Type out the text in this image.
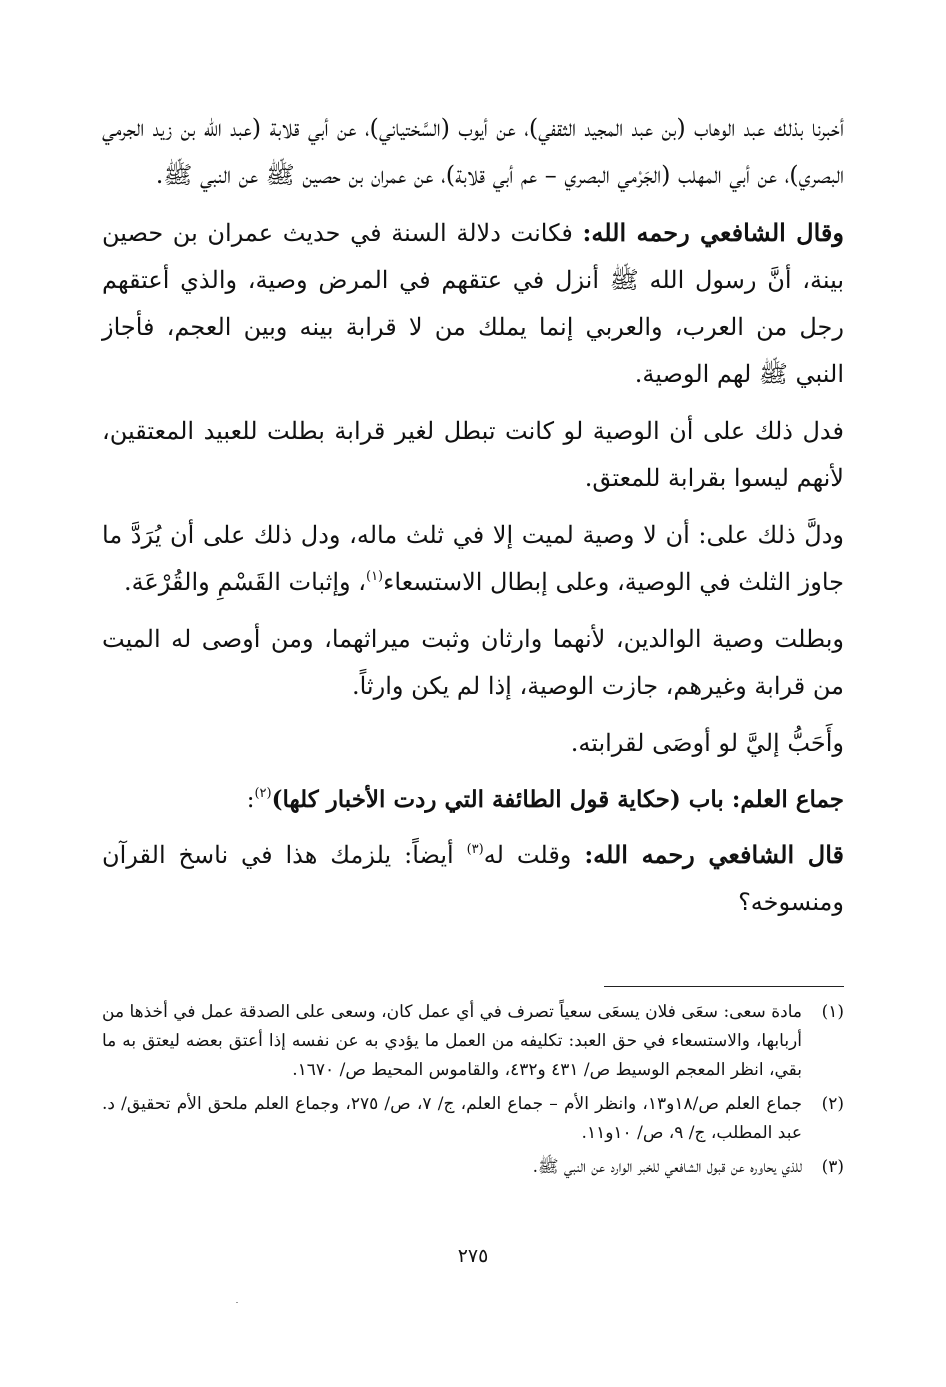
أخبرنا بذلك عبد الوهاب (بن عبد المجيد الثقفي)، عن أيوب (السَّختياني)، عن أبي قلابة (عبد الله بن زيد الجرمي البصري)، عن أبي المهلب (الجَرْمي البصري – عم أبي قلابة)، عن عمران بن حصين ﷺ عن النبي ﷺ.

وقال الشافعي رحمه الله: فكانت دلالة السنة في حديث عمران بن حصين بينة، أنَّ رسول الله ﷺ أنزل في عتقهم في المرض وصية، والذي أعتقهم رجل من العرب، والعربي إنما يملك من لا قرابة بينه وبين العجم، فأجاز النبي ﷺ لهم الوصية.

فدل ذلك على أن الوصية لو كانت تبطل لغير قرابة بطلت للعبيد المعتقين، لأنهم ليسوا بقرابة للمعتق.

ودلَّ ذلك على: أن لا وصية لميت إلا في ثلث ماله، ودل ذلك على أن يُرَدَّ ما جاوز الثلث في الوصية، وعلى إبطال الاستسعاء$^{(١)}$، وإثبات القَسْمِ والقُرْعَة.

وبطلت وصية الوالدين، لأنهما وارثان وثبت ميراثهما، ومن أوصى له الميت من قرابة وغيرهم، جازت الوصية، إذا لم يكن وارثاً.

وأَحَبُّ إليَّ لو أوصَى لقرابته.

جماع العلم: باب (حكاية قول الطائفة التي ردت الأخبار كلها)$^{(٢)}$:

قال الشافعي رحمه الله: وقلت له$^{(٣)}$ أيضاً: يلزمك هذا في ناسخ القرآن ومنسوخه؟

(١)
مادة سعى: سعَى فلان يسعَى سعياً تصرف في أي عمل كان، وسعى على الصدقة عمل في أخذها من أربابها، والاستسعاء في حق العبد: تكليفه من العمل ما يؤدي به عن نفسه إذا أعتق بعضه ليعتق به ما بقي، انظر المعجم الوسيط ص/ ٤٣١ و٤٣٢، والقاموس المحيط ص/ ١٦٧٠.
(٢)
جماع العلم ص/١٨و١٣، وانظر الأم – جماع العلم، ج/ ٧، ص/ ٢٧٥، وجماع العلم ملحق الأم تحقيق/ د. عبد المطلب، ج/ ٩، ص/ ١٠و١١.
(٣)
للذي يحاوره عن قبول الشافعي للخبر الوارد عن النبي ﷺ.
٢٧٥
